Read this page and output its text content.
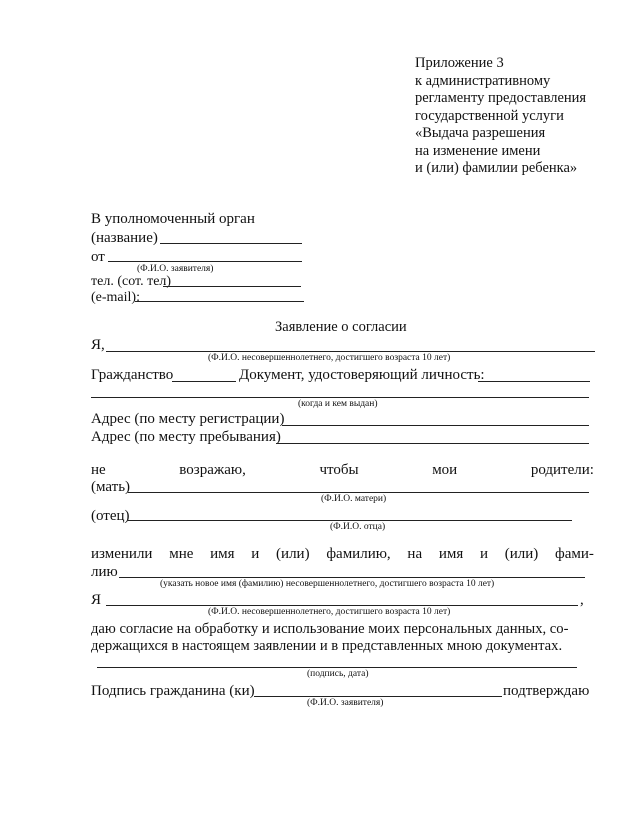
Приложение 3
к административному
регламенту предоставления
государственной услуги
«Выдача разрешения
на изменение имени
и (или) фамилии ребенка»
В уполномоченный орган
(название)
от
(Ф.И.О. заявителя)
тел. (сот. тел)
(e-mail):
Заявление о согласии
Я,
(Ф.И.О. несовершеннолетнего, достигшего возраста 10 лет)
Гражданство	Документ, удостоверяющий личность:
(когда и кем выдан)
Адрес (по месту регистрации)
Адрес (по месту пребывания)
не	возражаю,	чтобы	мои	родители:
(мать)
(Ф.И.О. матери)
(отец)
(Ф.И.О. отца)
изменили мне имя и (или) фамилию, на имя и (или) фами-
лию
(указать новое имя (фамилию) несовершеннолетнего, достигшего возраста 10 лет)
Я	,
(Ф.И.О. несовершеннолетнего, достигшего возраста 10 лет)
даю согласие на обработку и использование моих персональных данных, со-
держащихся в настоящем заявлении и в представленных мною документах.
(подпись, дата)
Подпись гражданина (ки)	подтверждаю
(Ф.И.О. заявителя)
